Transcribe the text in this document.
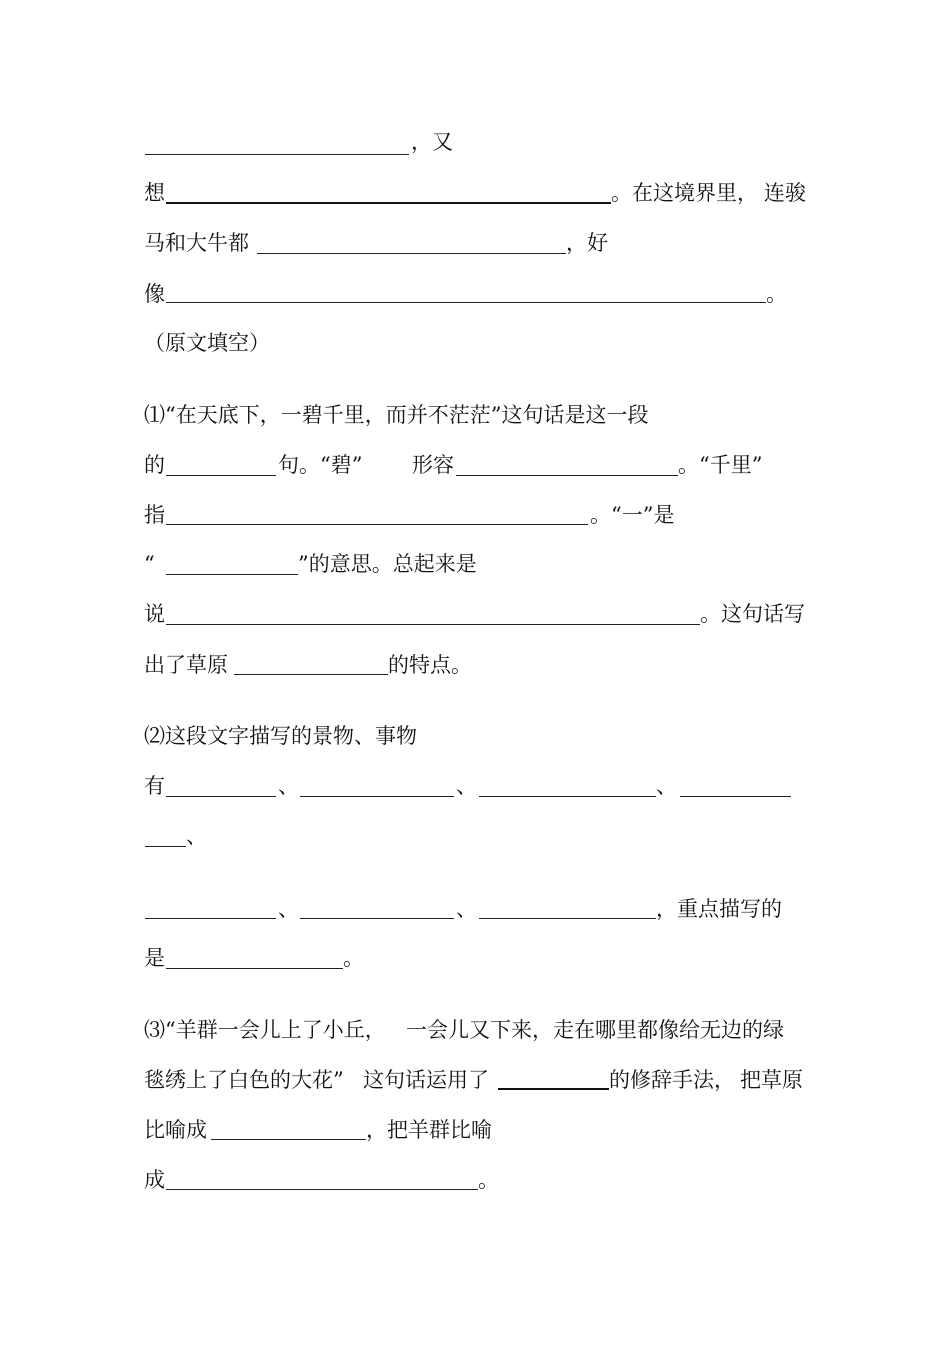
，又
想	。在这境界里， 连骏
马和大牛都	，好
像	。
（原文填空）
⑴“在天底下，一碧千里，而并不茫茫”这句话是这一段
的	句。“碧” 形容	。“千里”
指	。“一”是
“	”的意思。总起来是
说	。这句话写
出了草原	的特点。
⑵这段文字描写的景物、事物
有	、	、	、
、
、	、	，重点描写的
是	。
⑶“羊群一会儿上了小丘， 一会儿又下来，走在哪里都像给无边的绿
毯绣上了白色的大花” 这句话运用了	的修辞手法， 把草原
比喻成	，把羊群比喻
成	。
